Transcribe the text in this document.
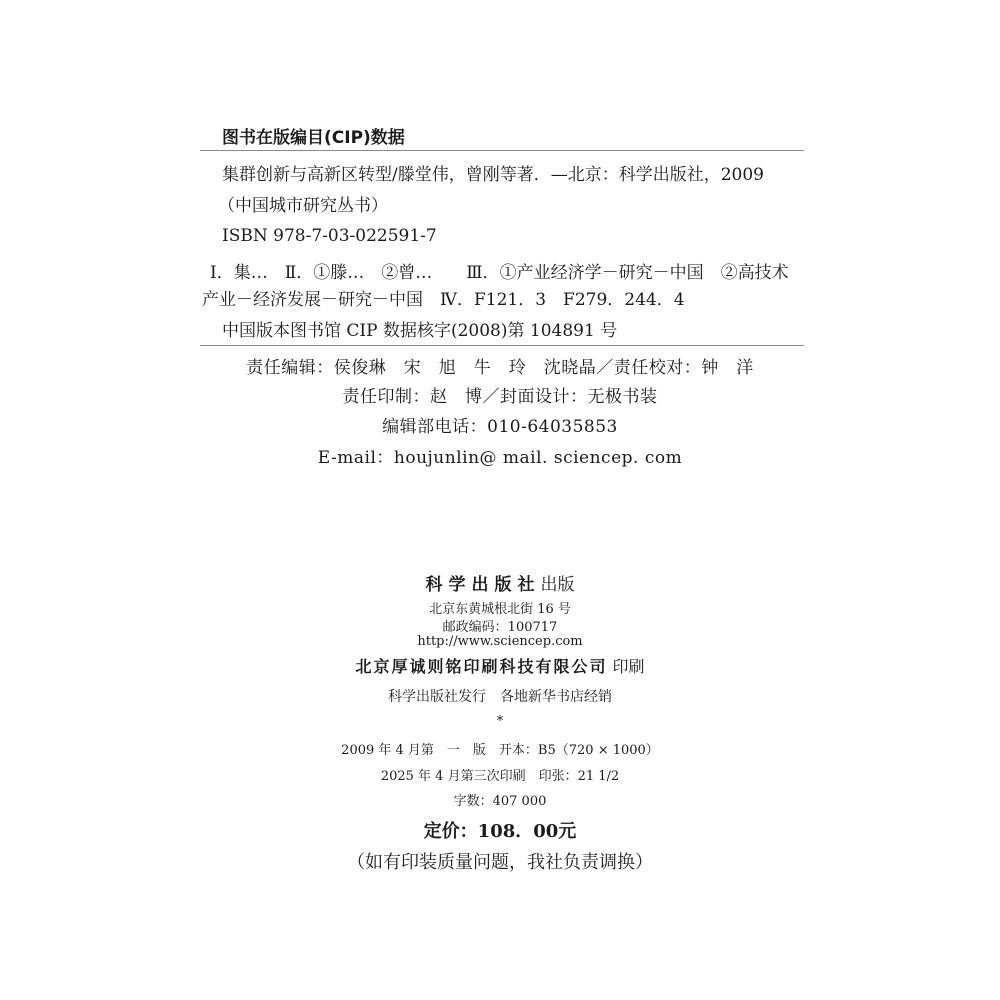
图书在版编目(CIP)数据
集群创新与高新区转型/滕堂伟，曾刚等著．—北京：科学出版社，2009
（中国城市研究丛书）
ISBN 978-7-03-022591-7
Ⅰ．集…　Ⅱ．①滕…　②曾…　　Ⅲ．①产业经济学－研究－中国　②高技术
产业－经济发展－研究－中国　Ⅳ．F121．3　F279．244．4
中国版本图书馆 CIP 数据核字(2008)第 104891 号
责任编辑：侯俊琳　宋　旭　牛　玲　沈晓晶／责任校对：钟　洋
责任印制：赵　博／封面设计：无极书装
编辑部电话：010-64035853
E-mail：houjunlin@ mail. sciencep. com
科学出版社出版
北京东黄城根北街 16 号
邮政编码：100717
http://www.sciencep.com
北京厚诚则铭印刷科技有限公司 印刷
科学出版社发行　各地新华书店经销
*
2009 年 4 月第　一　版　开本：B5（720 × 1000）
2025 年 4 月第三次印刷　印张：21 1/2
字数：407 000
定价：108．00元
（如有印装质量问题，我社负责调换）
